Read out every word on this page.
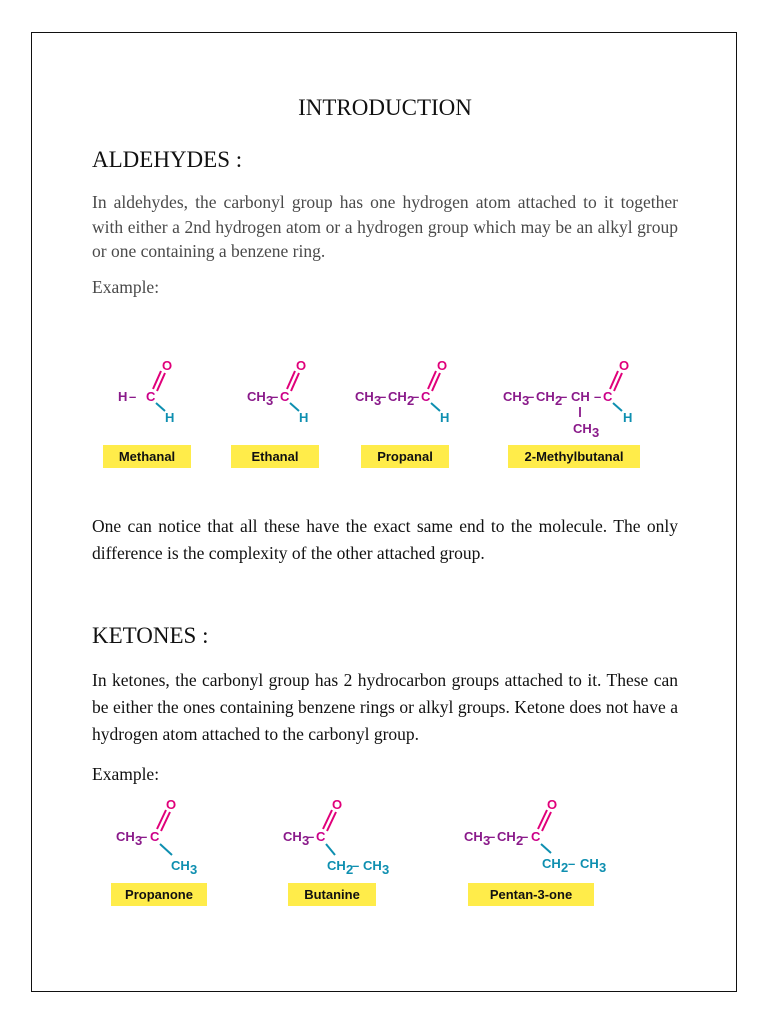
INTRODUCTION
ALDEHYDES :

In aldehydes, the carbonyl group has one hydrogen atom attached to it together with either a 2nd hydrogen atom or a hydrogen group which may be an alkyl group or one containing a benzene ring.

Example:
H – C
O
H
Methanal
CH 3
– C
O
H
Ethanal
CH 3
– CH 2
– C
O
H
Propanal
CH 3
– CH 2
– CH – C
O
H
CH 3
2-Methylbutanal

One can notice that all these have the exact same end to the molecule. The only difference is the complexity of the other attached group.

KETONES :

In ketones, the carbonyl group has 2 hydrocarbon groups attached to it. These can be either the ones containing benzene rings or alkyl groups. Ketone does not have a hydrogen atom attached to the carbonyl group.

Example:
CH 3
– C
O
CH 3
Propanone
CH 3
– C
O
CH 2
– CH 3
Butanine
CH 3
– CH 2
– C
O
CH 2 – CH 3
Pentan-3-one
